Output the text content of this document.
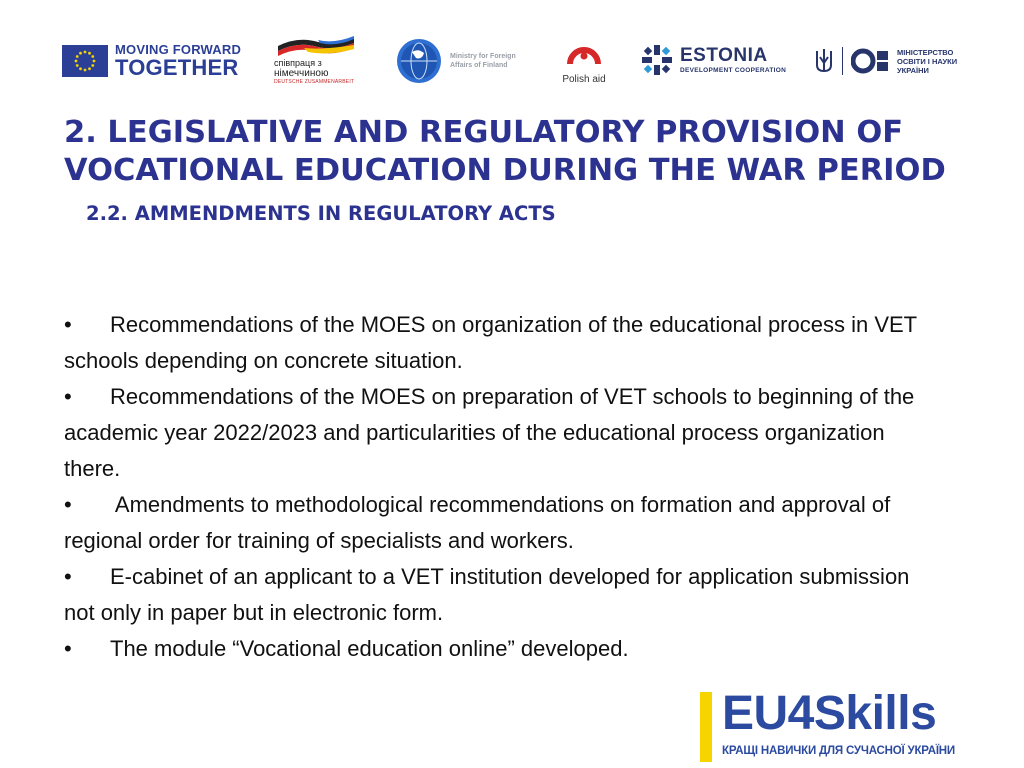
MOVING FORWARD
TOGETHER	співпраця з
німеччиною
DEUTSCHE ZUSAMMENARBEIT
Ministry for Foreign
Affairs of Finland
Polish aid
ESTONIA
DEVELOPMENT COOPERATION
МІНІСТЕРСТВО
ОСВІТИ І НАУКИ
УКРАЇНИ
2. LEGISLATIVE AND REGULATORY PROVISION OF VOCATIONAL EDUCATION DURING THE WAR PERIOD
2.2. AMMENDMENTS IN REGULATORY ACTS
• Recommendations of the MOES on organization of the educational process in VET schools depending on concrete situation.
• Recommendations of the MOES on preparation of VET schools to beginning of the academic year 2022/2023 and particularities of the educational process organization there.
• Amendments to methodological recommendations on formation and approval of regional order for training of specialists and workers.
• E-cabinet of an applicant to a VET institution developed for application submission not only in paper but in electronic form.
• The module “Vocational education online” developed.
EU4Skills
КРАЩІ НАВИЧКИ ДЛЯ СУЧАСНОЇ УКРАЇНИ
